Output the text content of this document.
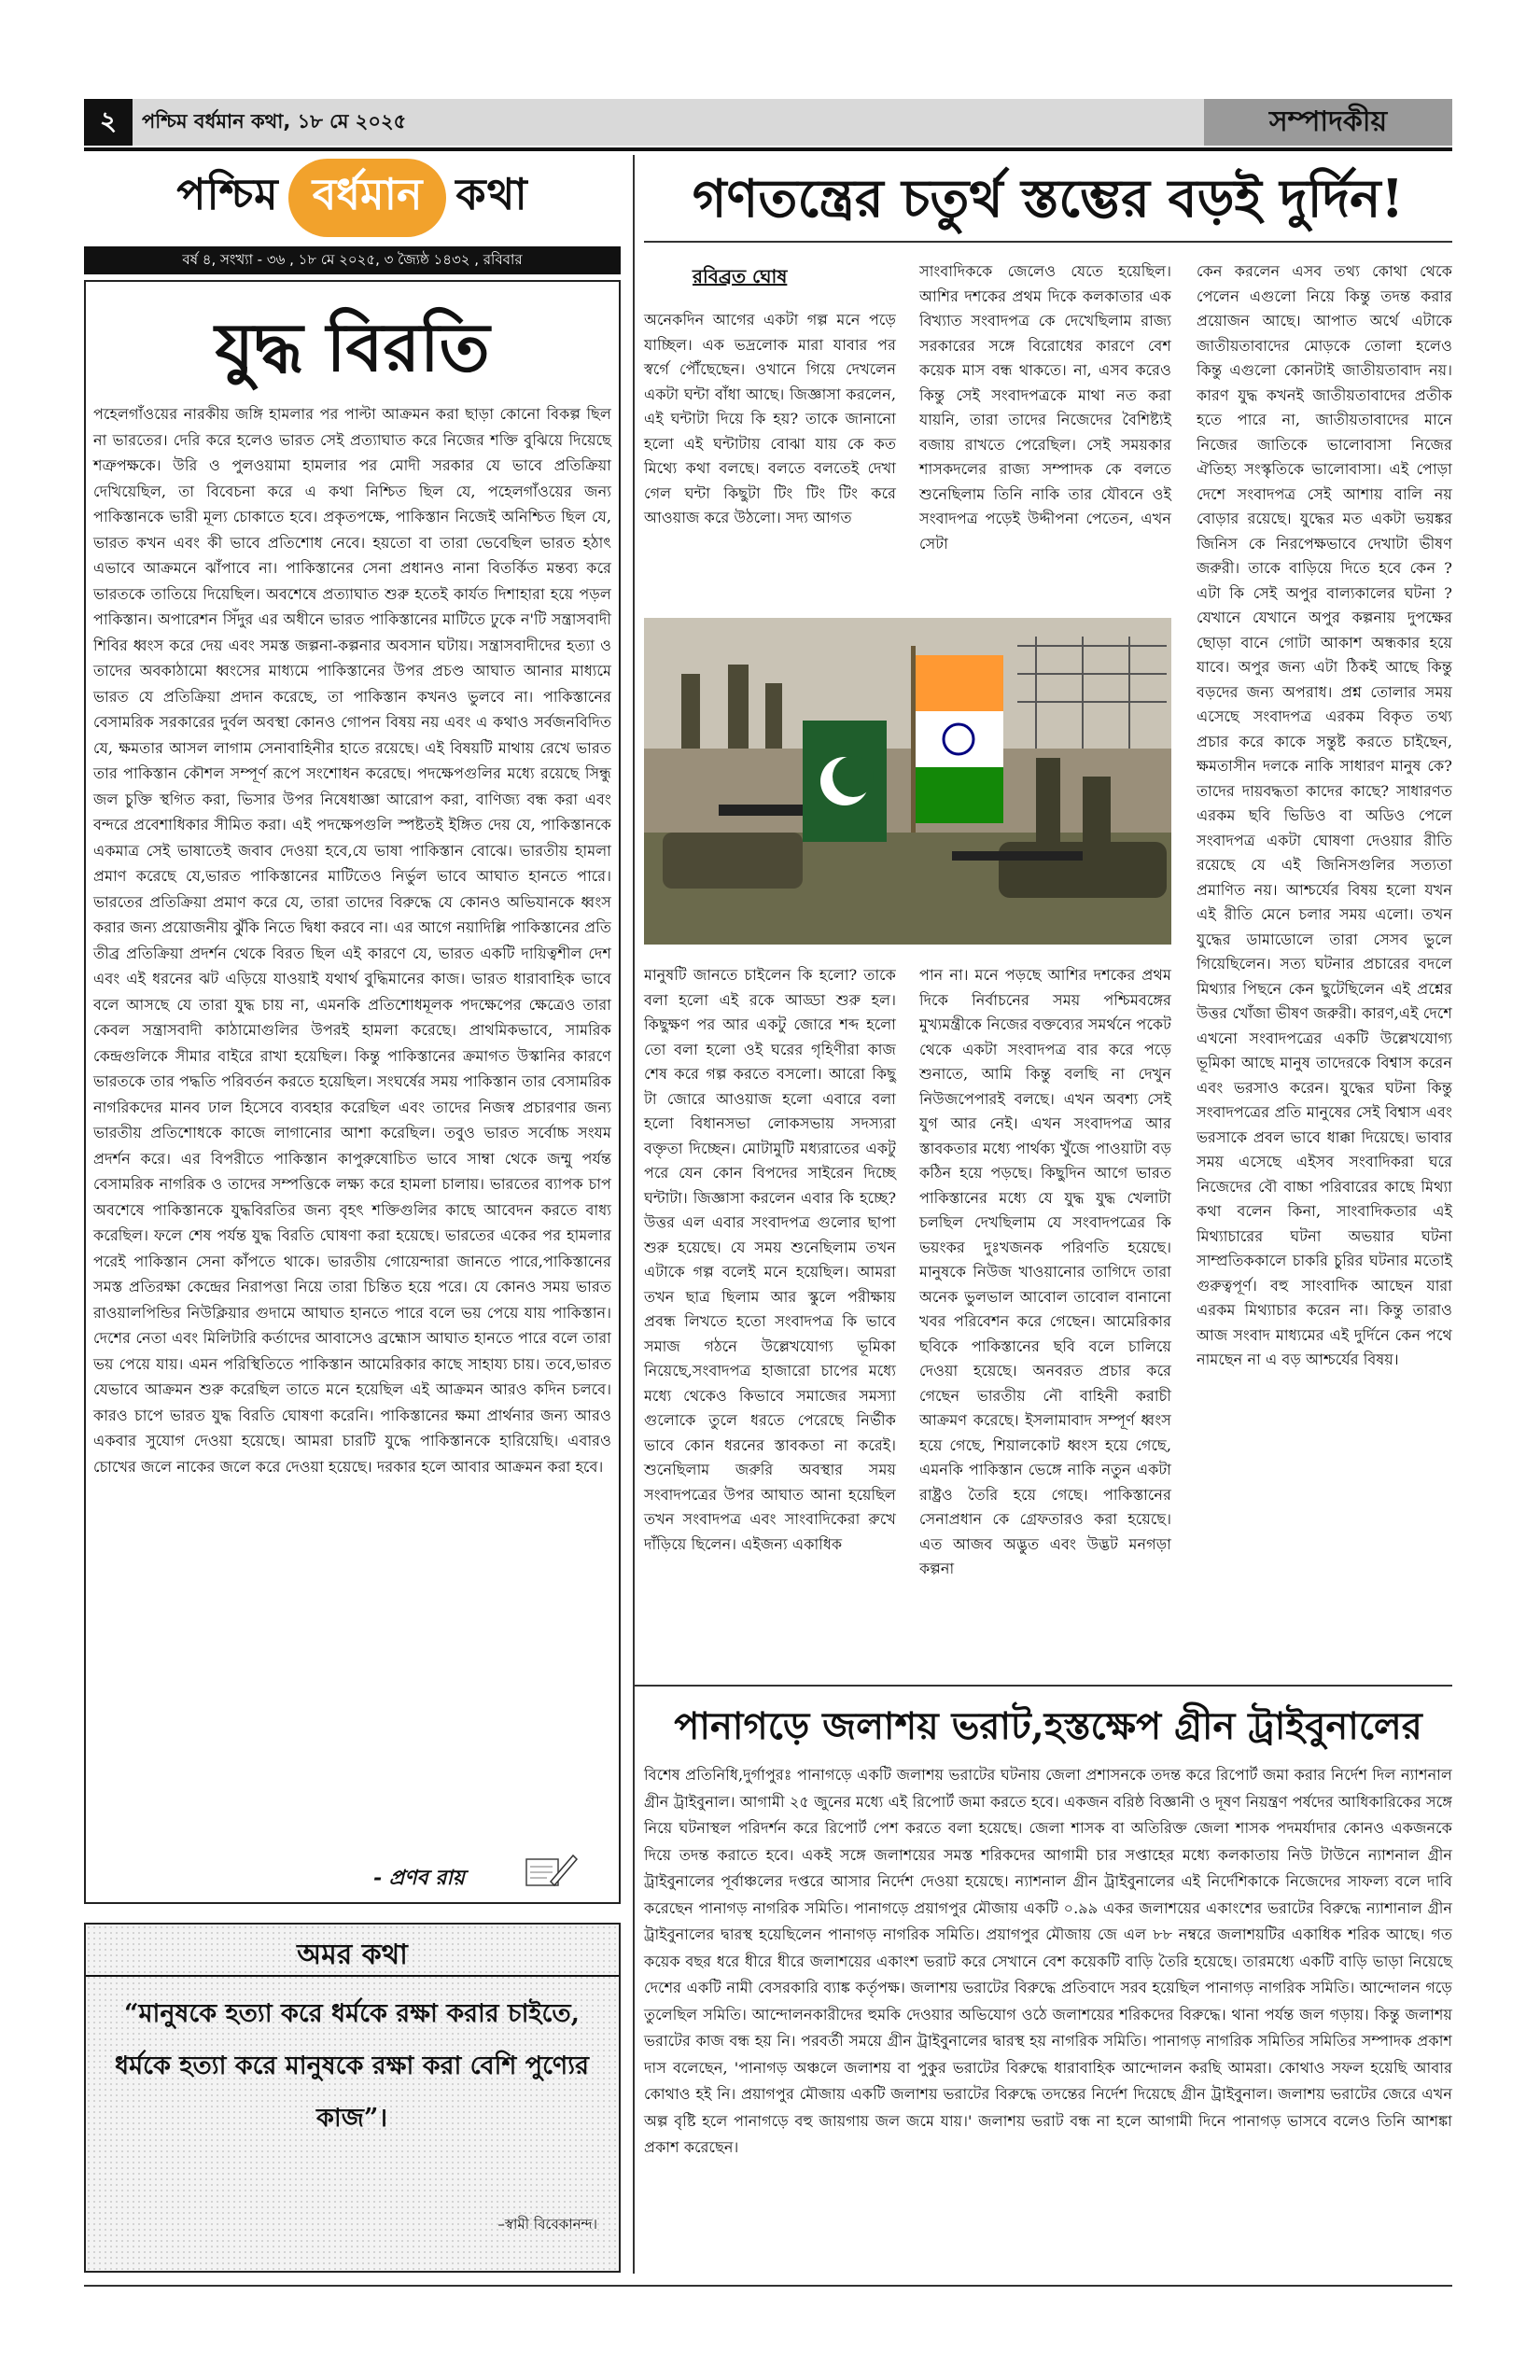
২	পশ্চিম বর্ধমান কথা, ১৮ মে ২০২৫	সম্পাদকীয়
পশ্চিম বর্ধমান কথা
বর্ষ ৪, সংখ্যা - ৩৬ , ১৮ মে ২০২৫, ৩ জ্যৈষ্ঠ ১৪৩২ , রবিবার
যুদ্ধ বিরতি
পহেলগাঁওয়ের নারকীয় জঙ্গি হামলার পর পাল্টা আক্রমন করা ছাড়া কোনো বিকল্প ছিল না ভারতের। দেরি করে হলেও ভারত সেই প্রত্যাঘাত করে নিজের শক্তি বুঝিয়ে দিয়েছে শত্রুপক্ষকে। উরি ও পুলওয়ামা হামলার পর মোদী সরকার যে ভাবে প্রতিক্রিয়া দেখিয়েছিল, তা বিবেচনা করে এ কথা নিশ্চিত ছিল যে, পহেলগাঁওয়ের জন্য পাকিস্তানকে ভারী মূল্য চোকাতে হবে। প্রকৃতপক্ষে, পাকিস্তান নিজেই অনিশ্চিত ছিল যে, ভারত কখন এবং কী ভাবে প্রতিশোধ নেবে। হয়তো বা তারা ভেবেছিল ভারত হঠাৎ এভাবে আক্রমনে ঝাঁপাবে না। পাকিস্তানের সেনা প্রধানও নানা বিতর্কিত মন্তব্য করে ভারতকে তাতিয়ে দিয়েছিল। অবশেষে প্রত্যাঘাত শুরু হতেই কার্যত দিশাহারা হয়ে পড়ল পাকিস্তান। অপারেশন সিঁদুর এর অধীনে ভারত পাকিস্তানের মাটিতে ঢুকে ন'টি সন্ত্রাসবাদী শিবির ধ্বংস করে দেয় এবং সমস্ত জল্পনা-কল্পনার অবসান ঘটায়। সন্ত্রাসবাদীদের হত্যা ও তাদের অবকাঠামো ধ্বংসের মাধ্যমে পাকিস্তানের উপর প্রচণ্ড আঘাত আনার মাধ্যমে ভারত যে প্রতিক্রিয়া প্রদান করেছে, তা পাকিস্তান কখনও ভুলবে না। পাকিস্তানের বেসামরিক সরকারের দুর্বল অবস্থা কোনও গোপন বিষয় নয় এবং এ কথাও সর্বজনবিদিত যে, ক্ষমতার আসল লাগাম সেনাবাহিনীর হাতে রয়েছে। এই বিষয়টি মাথায় রেখে ভারত তার পাকিস্তান কৌশল সম্পূর্ণ রূপে সংশোধন করেছে। পদক্ষেপগুলির মধ্যে রয়েছে সিন্ধু জল চুক্তি স্থগিত করা, ভিসার উপর নিষেধাজ্ঞা আরোপ করা, বাণিজ্য বন্ধ করা এবং বন্দরে প্রবেশাধিকার সীমিত করা। এই পদক্ষেপগুলি স্পষ্টতই ইঙ্গিত দেয় যে, পাকিস্তানকে একমাত্র সেই ভাষাতেই জবাব দেওয়া হবে,যে ভাষা পাকিস্তান বোঝে। ভারতীয় হামলা প্রমাণ করেছে যে,ভারত পাকিস্তানের মাটিতেও নির্ভুল ভাবে আঘাত হানতে পারে। ভারতের প্রতিক্রিয়া প্রমাণ করে যে, তারা তাদের বিরুদ্ধে যে কোনও অভিযানকে ধ্বংস করার জন্য প্রয়োজনীয় ঝুঁকি নিতে দ্বিধা করবে না। এর আগে নয়াদিল্লি পাকিস্তানের প্রতি তীব্র প্রতিক্রিয়া প্রদর্শন থেকে বিরত ছিল এই কারণে যে, ভারত একটি দায়িত্বশীল দেশ এবং এই ধরনের ঝট এড়িয়ে যাওয়াই যথার্থ বুদ্ধিমানের কাজ। ভারত ধারাবাহিক ভাবে বলে আসছে যে তারা যুদ্ধ চায় না, এমনকি প্রতিশোধমূলক পদক্ষেপের ক্ষেত্রেও তারা কেবল সন্ত্রাসবাদী কাঠামোগুলির উপরই হামলা করেছে। প্রাথমিকভাবে, সামরিক কেন্দ্রগুলিকে সীমার বাইরে রাখা হয়েছিল। কিন্তু পাকিস্তানের ক্রমাগত উস্কানির কারণে ভারতকে তার পদ্ধতি পরিবর্তন করতে হয়েছিল। সংঘর্ষের সময় পাকিস্তান তার বেসামরিক নাগরিকদের মানব ঢাল হিসেবে ব্যবহার করেছিল এবং তাদের নিজস্ব প্রচারণার জন্য ভারতীয় প্রতিশোধকে কাজে লাগানোর আশা করেছিল। তবুও ভারত সর্বোচ্চ সংযম প্রদর্শন করে। এর বিপরীতে পাকিস্তান কাপুরুষোচিত ভাবে সাম্বা থেকে জম্মু পর্যন্ত বেসামরিক নাগরিক ও তাদের সম্পত্তিকে লক্ষ্য করে হামলা চালায়। ভারতের ব্যাপক চাপ অবশেষে পাকিস্তানকে যুদ্ধবিরতির জন্য বৃহৎ শক্তিগুলির কাছে আবেদন করতে বাধ্য করেছিল। ফলে শেষ পর্যন্ত যুদ্ধ বিরতি ঘোষণা করা হয়েছে। ভারতের একের পর হামলার পরেই পাকিস্তান সেনা কাঁপতে থাকে। ভারতীয় গোয়েন্দারা জানতে পারে,পাকিস্তানের সমস্ত প্রতিরক্ষা কেন্দ্রের নিরাপত্তা নিয়ে তারা চিন্তিত হয়ে পরে। যে কোনও সময় ভারত রাওয়ালপিন্ডির নিউক্লিয়ার গুদামে আঘাত হানতে পারে বলে ভয় পেয়ে যায় পাকিস্তান। দেশের নেতা এবং মিলিটারি কর্তাদের আবাসেও ব্রহ্মোস আঘাত হানতে পারে বলে তারা ভয় পেয়ে যায়। এমন পরিস্থিতিতে পাকিস্তান আমেরিকার কাছে সাহায্য চায়। তবে,ভারত যেভাবে আক্রমন শুরু করেছিল তাতে মনে হয়েছিল এই আক্রমন আরও কদিন চলবে। কারও চাপে ভারত যুদ্ধ বিরতি ঘোষণা করেনি। পাকিস্তানের ক্ষমা প্রার্থনার জন্য আরও একবার সুযোগ দেওয়া হয়েছে। আমরা চারটি যুদ্ধে পাকিস্তানকে হারিয়েছি। এবারও চোখের জলে নাকের জলে করে দেওয়া হয়েছে। দরকার হলে আবার আক্রমন করা হবে।
- প্রণব রায়
অমর কথা
“মানুষকে হত্যা করে ধর্মকে রক্ষা করার চাইতে, ধর্মকে হত্যা করে মানুষকে রক্ষা করা বেশি পুণ্যের কাজ”।
–স্বামী বিবেকানন্দ।
গণতন্ত্রের চতুর্থ স্তম্ভের বড়ই দুর্দিন!
রবিব্রত ঘোষ
অনেকদিন আগের একটা গল্প মনে পড়ে যাচ্ছিল। এক ভদ্রলোক মারা যাবার পর স্বর্গে পৌঁছেছেন। ওখানে গিয়ে দেখলেন একটা ঘন্টা বাঁধা আছে। জিজ্ঞাসা করলেন, এই ঘন্টাটা দিয়ে কি হয়? তাকে জানানো হলো এই ঘন্টাটায় বোঝা যায় কে কত মিথ্যে কথা বলছে। বলতে বলতেই দেখা গেল ঘন্টা কিছুটা টিং টিং টিং করে আওয়াজ করে উঠলো। সদ্য আগত
সাংবাদিককে জেলেও যেতে হয়েছিল। আশির দশকের প্রথম দিকে কলকাতার এক বিখ্যাত সংবাদপত্র কে দেখেছিলাম রাজ্য সরকারের সঙ্গে বিরোধের কারণে বেশ কয়েক মাস বন্ধ থাকতে। না, এসব করেও কিন্তু সেই সংবাদপত্রকে মাথা নত করা যায়নি, তারা তাদের নিজেদের বৈশিষ্ট্যই বজায় রাখতে পেরেছিল। সেই সময়কার শাসকদলের রাজ্য সম্পাদক কে বলতে শুনেছিলাম তিনি নাকি তার যৌবনে ওই সংবাদপত্র পড়েই উদ্দীপনা পেতেন, এখন সেটা
কেন করলেন এসব তথ্য কোথা থেকে পেলেন এগুলো নিয়ে কিন্তু তদন্ত করার প্রয়োজন আছে। আপাত অর্থে এটাকে জাতীয়তাবাদের মোড়কে তোলা হলেও কিন্তু এগুলো কোনটাই জাতীয়তাবাদ নয়। কারণ যুদ্ধ কখনই জাতীয়তাবাদের প্রতীক হতে পারে না, জাতীয়তাবাদের মানে নিজের জাতিকে ভালোবাসা নিজের ঐতিহ্য সংস্কৃতিকে ভালোবাসা। এই পোড়া দেশে সংবাদপত্র সেই আশায় বালি নয় বোড়ার রয়েছে। যুদ্ধের মত একটা ভয়ঙ্কর জিনিস কে নিরপেক্ষভাবে দেখাটা ভীষণ জরুরী। তাকে বাড়িয়ে দিতে হবে কেন ? এটা কি সেই অপুর বাল্যকালের ঘটনা ? যেখানে যেখানে অপুর কল্পনায় দুপক্ষের ছোড়া বানে গোটা আকাশ অন্ধকার হয়ে যাবে। অপুর জন্য এটা ঠিকই আছে কিন্তু বড়দের জন্য অপরাধ। প্রশ্ন তোলার সময় এসেছে সংবাদপত্র এরকম বিকৃত তথ্য প্রচার করে কাকে সন্তুষ্ট করতে চাইছেন, ক্ষমতাসীন দলকে নাকি সাধারণ মানুষ কে? তাদের দায়বদ্ধতা কাদের কাছে? সাধারণত এরকম ছবি ভিডিও বা অডিও পেলে সংবাদপত্র একটা ঘোষণা দেওয়ার রীতি রয়েছে যে এই জিনিসগুলির সত্যতা প্রমাণিত নয়। আশ্চর্যের বিষয় হলো যখন এই রীতি মেনে চলার সময় এলো। তখন যুদ্ধের ডামাডোলে তারা সেসব ভুলে গিয়েছিলেন। সত্য ঘটনার প্রচারের বদলে মিথ্যার পিছনে কেন ছুটেছিলেন এই প্রশ্নের উত্তর খোঁজা ভীষণ জরুরী। কারণ,এই দেশে এখনো সংবাদপত্রের একটি উল্লেখযোগ্য ভূমিকা আছে মানুষ তাদেরকে বিশ্বাস করেন এবং ভরসাও করেন। যুদ্ধের ঘটনা কিন্তু সংবাদপত্রের প্রতি মানুষের সেই বিশ্বাস এবং ভরসাকে প্রবল ভাবে ধাক্কা দিয়েছে। ভাবার সময় এসেছে এইসব সংবাদিকরা ঘরে নিজেদের বৌ বাচ্চা পরিবারের কাছে মিথ্যা কথা বলেন কিনা, সাংবাদিকতার এই মিথ্যাচারের ঘটনা অভয়ার ঘটনা সাম্প্রতিককালে চাকরি চুরির ঘটনার মতোই গুরুত্বপূর্ণ। বহু সাংবাদিক আছেন যারা এরকম মিথ্যাচার করেন না। কিন্তু তারাও আজ সংবাদ মাধ্যমের এই দুর্দিনে কেন পথে নামছেন না এ বড় আশ্চর্যের বিষয়।
মানুষটি জানতে চাইলেন কি হলো? তাকে বলা হলো এই রকে আড্ডা শুরু হল। কিছুক্ষণ পর আর একটু জোরে শব্দ হলো তো বলা হলো ওই ঘরের গৃহিণীরা কাজ শেষ করে গল্প করতে বসলো। আরো কিছু টা জোরে আওয়াজ হলো এবারে বলা হলো বিধানসভা লোকসভায় সদস্যরা বক্তৃতা দিচ্ছেন। মোটামুটি মধ্যরাতের একটু পরে যেন কোন বিপদের সাইরেন দিচ্ছে ঘন্টাটা। জিজ্ঞাসা করলেন এবার কি হচ্ছে? উত্তর এল এবার সংবাদপত্র গুলোর ছাপা শুরু হয়েছে। যে সময় শুনেছিলাম তখন এটাকে গল্প বলেই মনে হয়েছিল। আমরা তখন ছাত্র ছিলাম আর স্কুলে পরীক্ষায় প্রবন্ধ লিখতে হতো সংবাদপত্র কি ভাবে সমাজ গঠনে উল্লেখযোগ্য ভূমিকা নিয়েছে,সংবাদপত্র হাজারো চাপের মধ্যে মধ্যে থেকেও কিভাবে সমাজের সমস্যা গুলোকে তুলে ধরতে পেরেছে নির্ভীক ভাবে কোন ধরনের স্তাবকতা না করেই। শুনেছিলাম জরুরি অবস্থার সময় সংবাদপত্রের উপর আঘাত আনা হয়েছিল তখন সংবাদপত্র এবং সাংবাদিকেরা রুখে দাঁড়িয়ে ছিলেন। এইজন্য একাধিক
পান না। মনে পড়ছে আশির দশকের প্রথম দিকে নির্বাচনের সময় পশ্চিমবঙ্গের মুখ্যমন্ত্রীকে নিজের বক্তব্যের সমর্থনে পকেট থেকে একটা সংবাদপত্র বার করে পড়ে শুনাতে, আমি কিন্তু বলছি না দেখুন নিউজপেপারই বলছে। এখন অবশ্য সেই যুগ আর নেই। এখন সংবাদপত্র আর স্তাবকতার মধ্যে পার্থক্য খুঁজে পাওয়াটা বড় কঠিন হয়ে পড়ছে। কিছুদিন আগে ভারত পাকিস্তানের মধ্যে যে যুদ্ধ যুদ্ধ খেলাটা চলছিল দেখছিলাম যে সংবাদপত্রের কি ভয়ংকর দুঃখজনক পরিণতি হয়েছে। মানুষকে নিউজ খাওয়ানোর তাগিদে তারা অনেক ভুলভাল আবোল তাবোল বানানো খবর পরিবেশন করে গেছেন। আমেরিকার ছবিকে পাকিস্তানের ছবি বলে চালিয়ে দেওয়া হয়েছে। অনবরত প্রচার করে গেছেন ভারতীয় নৌ বাহিনী করাচী আক্রমণ করেছে। ইসলামাবাদ সম্পূর্ণ ধ্বংস হয়ে গেছে, শিয়ালকোট ধ্বংস হয়ে গেছে, এমনকি পাকিস্তান ভেঙ্গে নাকি নতুন একটা রাষ্ট্রও তৈরি হয়ে গেছে। পাকিস্তানের সেনাপ্রধান কে গ্রেফতারও করা হয়েছে। এত আজব অদ্ভুত এবং উদ্ভট মনগড়া কল্পনা
পানাগড়ে জলাশয় ভরাট,হস্তক্ষেপ গ্রীন ট্রাইবুনালের
বিশেষ প্রতিনিধি,দুর্গাপুরঃ পানাগড়ে একটি জলাশয় ভরাটের ঘটনায় জেলা প্রশাসনকে তদন্ত করে রিপোর্ট জমা করার নির্দেশ দিল ন্যাশনাল গ্রীন ট্রাইবুনাল। আগামী ২৫ জুনের মধ্যে এই রিপোর্ট জমা করতে হবে। একজন বরিষ্ঠ বিজ্ঞানী ও দূষণ নিয়ন্ত্রণ পর্ষদের আধিকারিকের সঙ্গে নিয়ে ঘটনাস্থল পরিদর্শন করে রিপোর্ট পেশ করতে বলা হয়েছে। জেলা শাসক বা অতিরিক্ত জেলা শাসক পদমর্যাদার কোনও একজনকে দিয়ে তদন্ত করাতে হবে। একই সঙ্গে জলাশয়ের সমস্ত শরিকদের আগামী চার সপ্তাহের মধ্যে কলকাতায় নিউ টাউনে ন্যাশনাল গ্রীন ট্রাইবুনালের পূর্বাঞ্চলের দপ্তরে আসার নির্দেশ দেওয়া হয়েছে। ন্যাশনাল গ্রীন ট্রাইবুনালের এই নির্দেশিকাকে নিজেদের সাফল্য বলে দাবি করেছেন পানাগড় নাগরিক সমিতি। পানাগড়ে প্রয়াগপুর মৌজায় একটি ০.৯৯ একর জলাশয়ের একাংশের ভরাটের বিরুদ্ধে ন্যাশানাল গ্রীন ট্রাইবুনালের দ্বারস্থ হয়েছিলেন পানাগড় নাগরিক সমিতি। প্রয়াগপুর মৌজায় জে এল ৮৮ নম্বরে জলাশয়টির একাধিক শরিক আছে। গত কয়েক বছর ধরে ধীরে ধীরে জলাশয়ের একাংশ ভরাট করে সেখানে বেশ কয়েকটি বাড়ি তৈরি হয়েছে। তারমধ্যে একটি বাড়ি ভাড়া নিয়েছে দেশের একটি নামী বেসরকারি ব্যাঙ্ক কর্তৃপক্ষ। জলাশয় ভরাটের বিরুদ্ধে প্রতিবাদে সরব হয়েছিল পানাগড় নাগরিক সমিতি। আন্দোলন গড়ে তুলেছিল সমিতি। আন্দোলনকারীদের হুমকি দেওয়ার অভিযোগ ওঠে জলাশয়ের শরিকদের বিরুদ্ধে। থানা পর্যন্ত জল গড়ায়। কিন্তু জলাশয় ভরাটের কাজ বন্ধ হয় নি। পরবর্তী সময়ে গ্রীন ট্রাইবুনালের দ্বারস্থ হয় নাগরিক সমিতি। পানাগড় নাগরিক সমিতির সমিতির সম্পাদক প্রকাশ দাস বলেছেন, 'পানাগড় অঞ্চলে জলাশয় বা পুকুর ভরাটের বিরুদ্ধে ধারাবাহিক আন্দোলন করছি আমরা। কোথাও সফল হয়েছি আবার কোথাও হই নি। প্রয়াগপুর মৌজায় একটি জলাশয় ভরাটের বিরুদ্ধে তদন্তের নির্দেশ দিয়েছে গ্রীন ট্রাইবুনাল। জলাশয় ভরাটের জেরে এখন অল্প বৃষ্টি হলে পানাগড়ে বহু জায়গায় জল জমে যায়।' জলাশয় ভরাট বন্ধ না হলে আগামী দিনে পানাগড় ভাসবে বলেও তিনি আশঙ্কা প্রকাশ করেছেন।
